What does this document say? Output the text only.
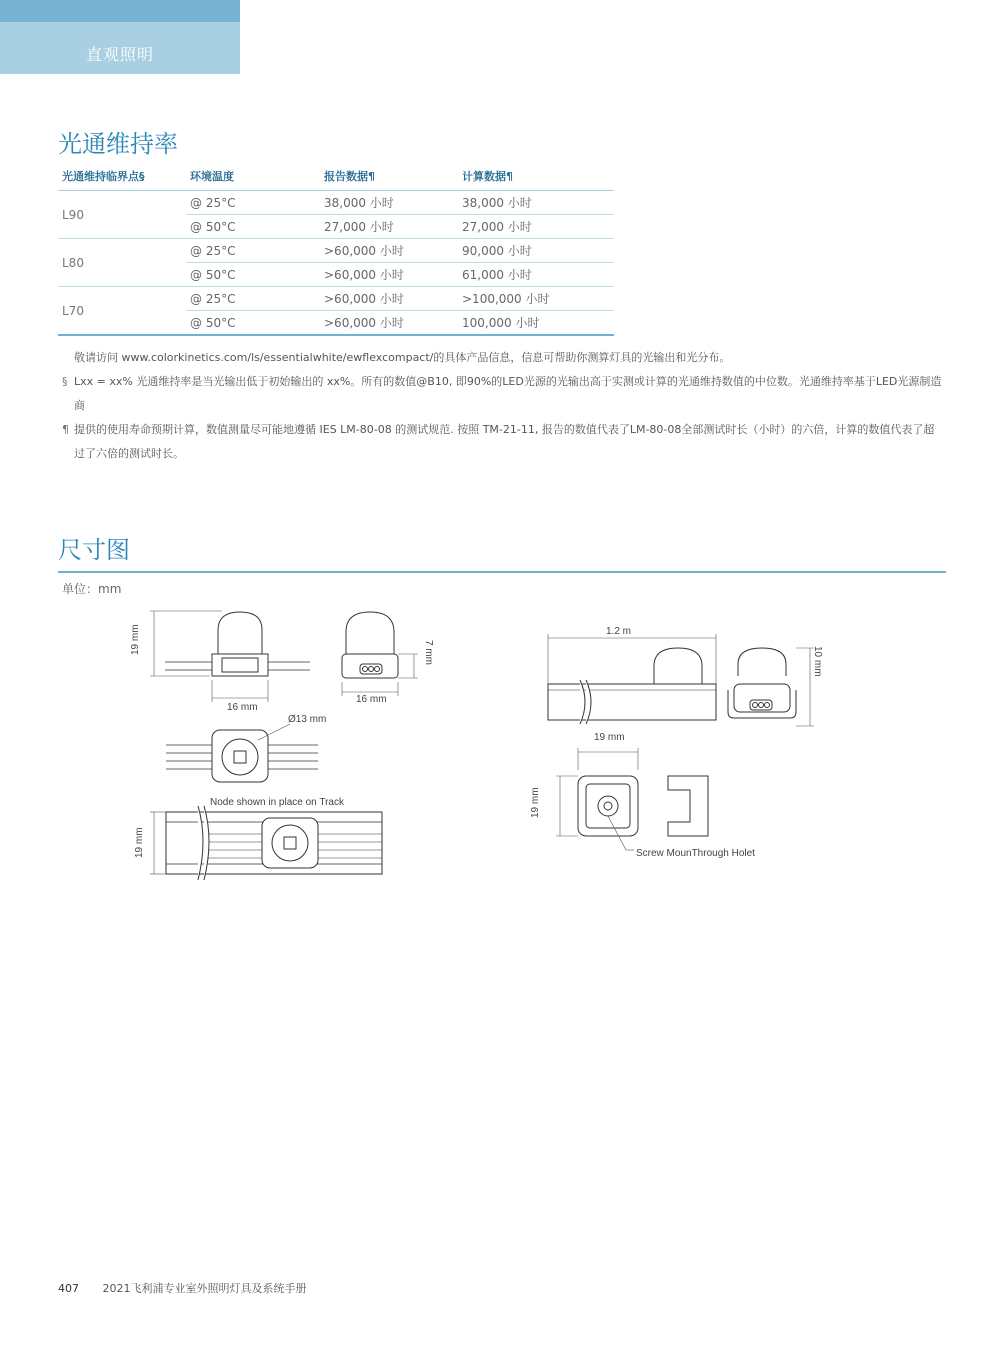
直观照明
光通维持率
光通维持临界点§	环境温度	报告数据¶	计算数据¶
L90	@ 25°C	38,000 小时	38,000 小时
	@ 50°C	27,000 小时	27,000 小时
L80	@ 25°C	>60,000 小时	90,000 小时
	@ 50°C	>60,000 小时	61,000 小时
L70	@ 25°C	>60,000 小时	>100,000 小时
	@ 50°C	>60,000 小时	100,000 小时
敬请访问 www.colorkinetics.com/ls/essentialwhite/ewflexcompact/的具体产品信息，信息可帮助你测算灯具的光输出和光分布。
§ Lxx = xx% 光通维持率是当光输出低于初始输出的 xx%。所有的数值@B10, 即90%的LED光源的光输出高于实测或计算的光通维持数值的中位数。光通维持率基于LED光源制造商
¶ 提供的使用寿命预期计算，数值测量尽可能地遵循 IES LM-80-08 的测试规范. 按照 TM-21-11, 报告的数值代表了LM-80-08全部测试时长（小时）的六倍，计算的数值代表了超
过了六倍的测试时长。
尺寸图
单位：mm
19 mm
16 mm
7 mm
16 mm
Ø13 mm
Node shown in place on Track
19 mm
1.2 m
10 mm
19 mm
19 mm
Screw MounThrough Holet
407 2021飞利浦专业室外照明灯具及系统手册
